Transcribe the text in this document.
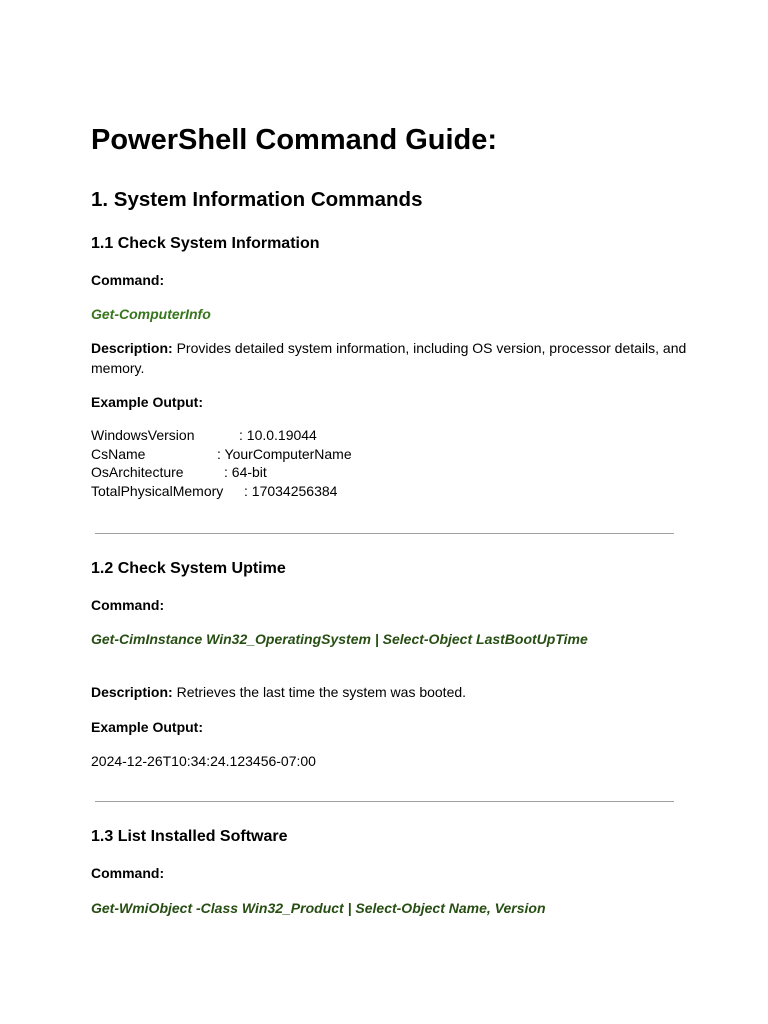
PowerShell Command Guide:
1. System Information Commands
1.1 Check System Information
Command:
Get-ComputerInfo
Description: Provides detailed system information, including OS version, processor details, and memory.
Example Output:
WindowsVersion	: 10.0.19044
CsName	: YourComputerName
OsArchitecture	: 64-bit
TotalPhysicalMemory : 17034256384
1.2 Check System Uptime
Command:
Get-CimInstance Win32_OperatingSystem | Select-Object LastBootUpTime
Description: Retrieves the last time the system was booted.
Example Output:
2024-12-26T10:34:24.123456-07:00
1.3 List Installed Software
Command:
Get-WmiObject -Class Win32_Product | Select-Object Name, Version
